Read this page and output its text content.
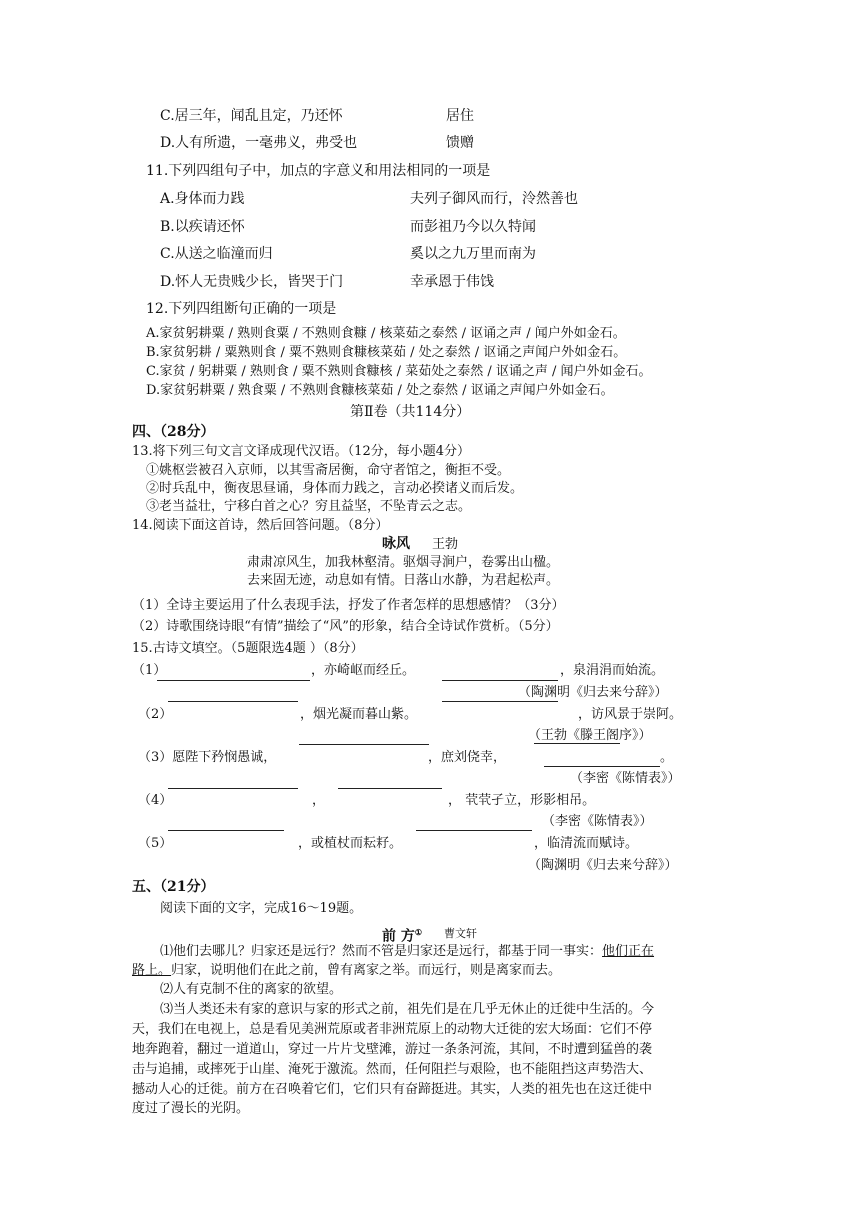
C.居三年，闻乱且定，乃还怀	居住
D.人有所遗，一毫弗义，弗受也	馈赠
11.下列四组句子中，加点的字意义和用法相同的一项是
A.身体而力践	夫列子御风而行，泠然善也
B.以疾请还怀	而彭祖乃今以久特闻
C.从送之临潼而归	奚以之九万里而南为
D.怀人无贵贱少长，皆哭于门	幸承恩于伟饯
12.下列四组断句正确的一项是
A.家贫躬耕粟 / 熟则食粟 / 不熟则食糠 / 核菜茹之泰然 / 讴诵之声 / 闻户外如金石。
B.家贫躬耕 / 粟熟则食 / 粟不熟则食糠核菜茹 / 处之泰然 / 讴诵之声闻户外如金石。
C.家贫 / 躬耕粟 / 熟则食 / 粟不熟则食糠核 / 菜茹处之泰然 / 讴诵之声 / 闻户外如金石。
D.家贫躬耕粟 / 熟食粟 / 不熟则食糠核菜茹 / 处之泰然 / 讴诵之声闻户外如金石。
第Ⅱ卷（共114分）
四、（28分）
13.将下列三句文言文译成现代汉语。（12分，每小题4分）
①姚枢尝被召入京师，以其雪斋居衡，命守者馆之，衡拒不受。
②时兵乱中，衡夜思昼诵，身体而力践之，言动必揆诸义而后发。
③老当益壮，宁移白首之心？穷且益坚，不坠青云之志。
14.阅读下面这首诗，然后回答问题。（8分）
咏风 王勃
肃肃凉风生，加我林壑清。驱烟寻涧户，卷雾出山楹。
去来固无迹，动息如有情。日落山水静，为君起松声。
（1）全诗主要运用了什么表现手法，抒发了作者怎样的思想感情？（3分）
（2）诗歌围绕诗眼“有情”描绘了“风”的形象，结合全诗试作赏析。（5分）
15.古诗文填空。（5题限选4题 ）（8分）
（1）	，亦崎岖而经丘。	，泉涓涓而始流。
（陶渊明《归去来兮辞》）
（2）	，烟光凝而暮山紫。	，访风景于崇阿。
（王勃《滕王阁序》）
（3）愿陛下矜悯愚诚，	，庶刘侥幸，	。
（李密《陈情表》）
（4）	，	， 茕茕孑立，形影相吊。
（李密《陈情表》）
（5）	，或植杖而耘耔。	，临清流而赋诗。
（陶渊明《归去来兮辞》）
五、（21分）
阅读下面的文字，完成16～19题。
前 方① 曹文轩
⑴他们去哪儿？归家还是远行？然而不管是归家还是远行，都基于同一事实：他们正在
路上。归家，说明他们在此之前，曾有离家之举。而远行，则是离家而去。
⑵人有克制不住的离家的欲望。
⑶当人类还未有家的意识与家的形式之前，祖先们是在几乎无休止的迁徙中生活的。今
天，我们在电视上，总是看见美洲荒原或者非洲荒原上的动物大迁徙的宏大场面：它们不停
地奔跑着，翻过一道道山，穿过一片片戈壁滩，游过一条条河流，其间，不时遭到猛兽的袭
击与追捕，或摔死于山崖、淹死于激流。然而，任何阻拦与艰险，也不能阻挡这声势浩大、
撼动人心的迁徙。前方在召唤着它们，它们只有奋蹄挺进。其实，人类的祖先也在这迁徙中
度过了漫长的光阴。
